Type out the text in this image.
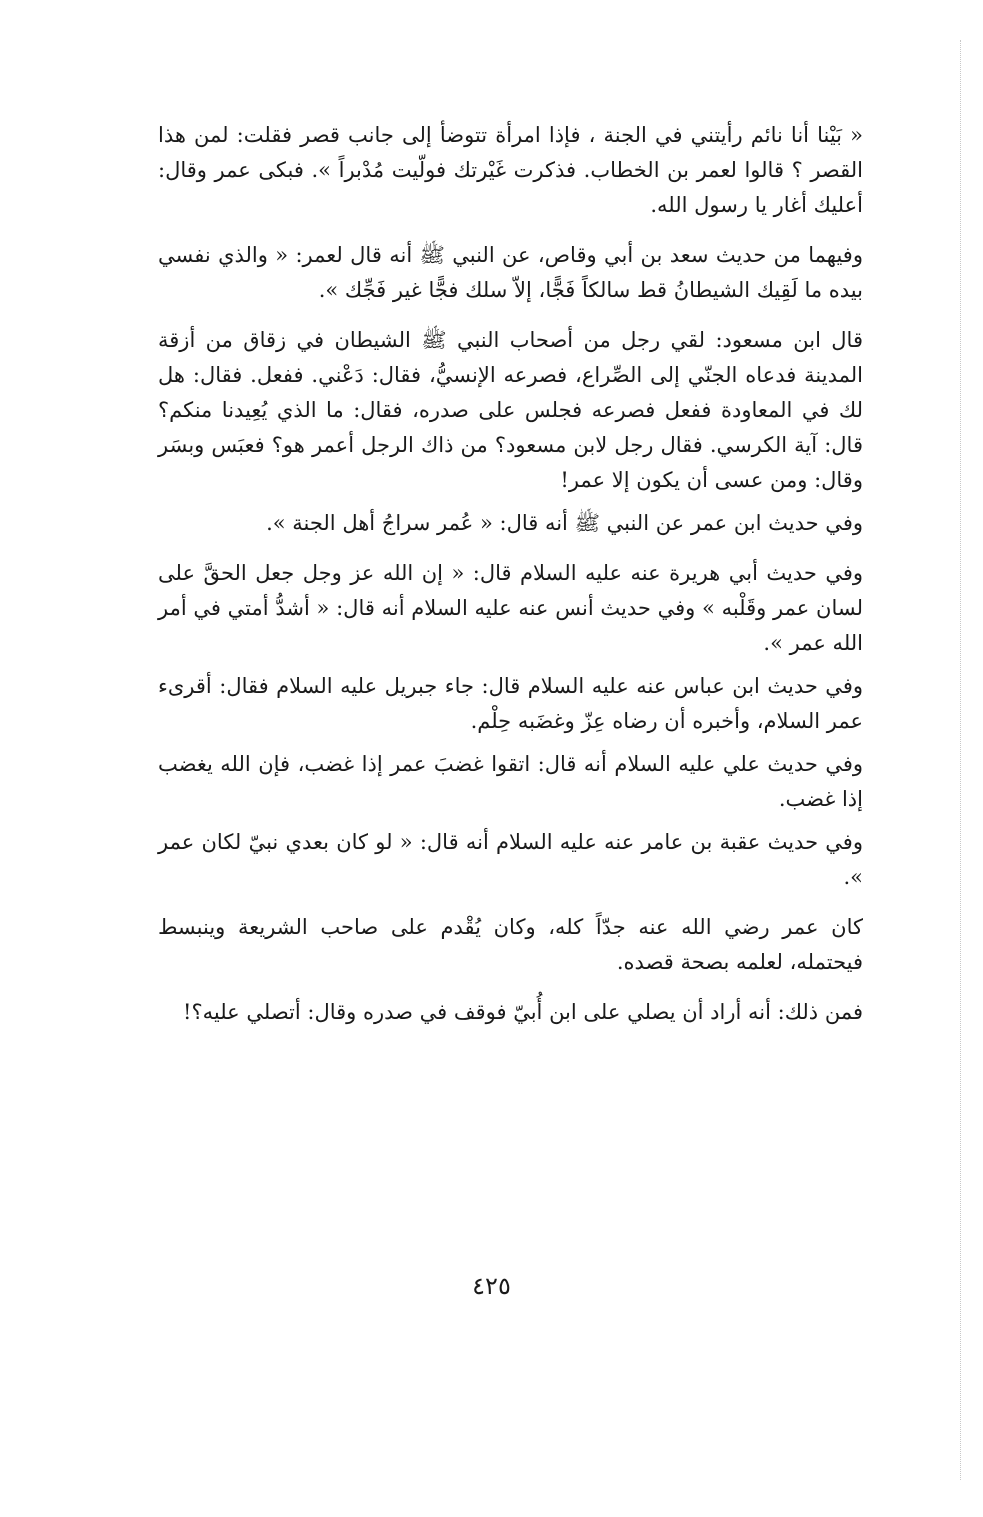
« بَيْنا أنا نائم رأيتني في الجنة ، فإذا امرأة تتوضأ إلى جانب قصر فقلت: لمن هذا القصر ؟ قالوا لعمر بن الخطاب. فذكرت غَيْرتك فولّيت مُدْبراً ». فبكى عمر وقال: أعليك أغار يا رسول الله.

وفيهما من حديث سعد بن أبي وقاص، عن النبي ﷺ أنه قال لعمر: « والذي نفسي بيده ما لَقِيك الشيطانُ قط سالكاً فَجًّا، إلاّ سلك فجًّا غير فَجِّك ».

قال ابن مسعود: لقي رجل من أصحاب النبي ﷺ الشيطان في زقاق من أزقة المدينة فدعاه الجنّي إلى الصِّراع، فصرعه الإنسيُّ، فقال: دَعْني. ففعل. فقال: هل لك في المعاودة ففعل فصرعه فجلس على صدره، فقال: ما الذي يُعِيدنا منكم؟ قال: آية الكرسي. فقال رجل لابن مسعود؟ من ذاك الرجل أعمر هو؟ فعبَس وبسَر وقال: ومن عسى أن يكون إلا عمر!

وفي حديث ابن عمر عن النبي ﷺ أنه قال: « عُمر سراجُ أهل الجنة ».

وفي حديث أبي هريرة عنه عليه السلام قال: « إن الله عز وجل جعل الحقَّ على لسان عمر وقَلْبه » وفي حديث أنس عنه عليه السلام أنه قال: « أشدُّ أمتي في أمر الله عمر ».

وفي حديث ابن عباس عنه عليه السلام قال: جاء جبريل عليه السلام فقال: أقرىء عمر السلام، وأخبره أن رضاه عِزّ وغضَبه حِلْم.

وفي حديث علي عليه السلام أنه قال: اتقوا غضبَ عمر إذا غضب، فإن الله يغضب إذا غضب.

وفي حديث عقبة بن عامر عنه عليه السلام أنه قال: « لو كان بعدي نبيّ لكان عمر ».

كان عمر رضي الله عنه جدّاً كله، وكان يُقْدم على صاحب الشريعة وينبسط فيحتمله، لعلمه بصحة قصده.

فمن ذلك: أنه أراد أن يصلي على ابن أُبيّ فوقف في صدره وقال: أتصلي عليه؟!

٤٢٥
